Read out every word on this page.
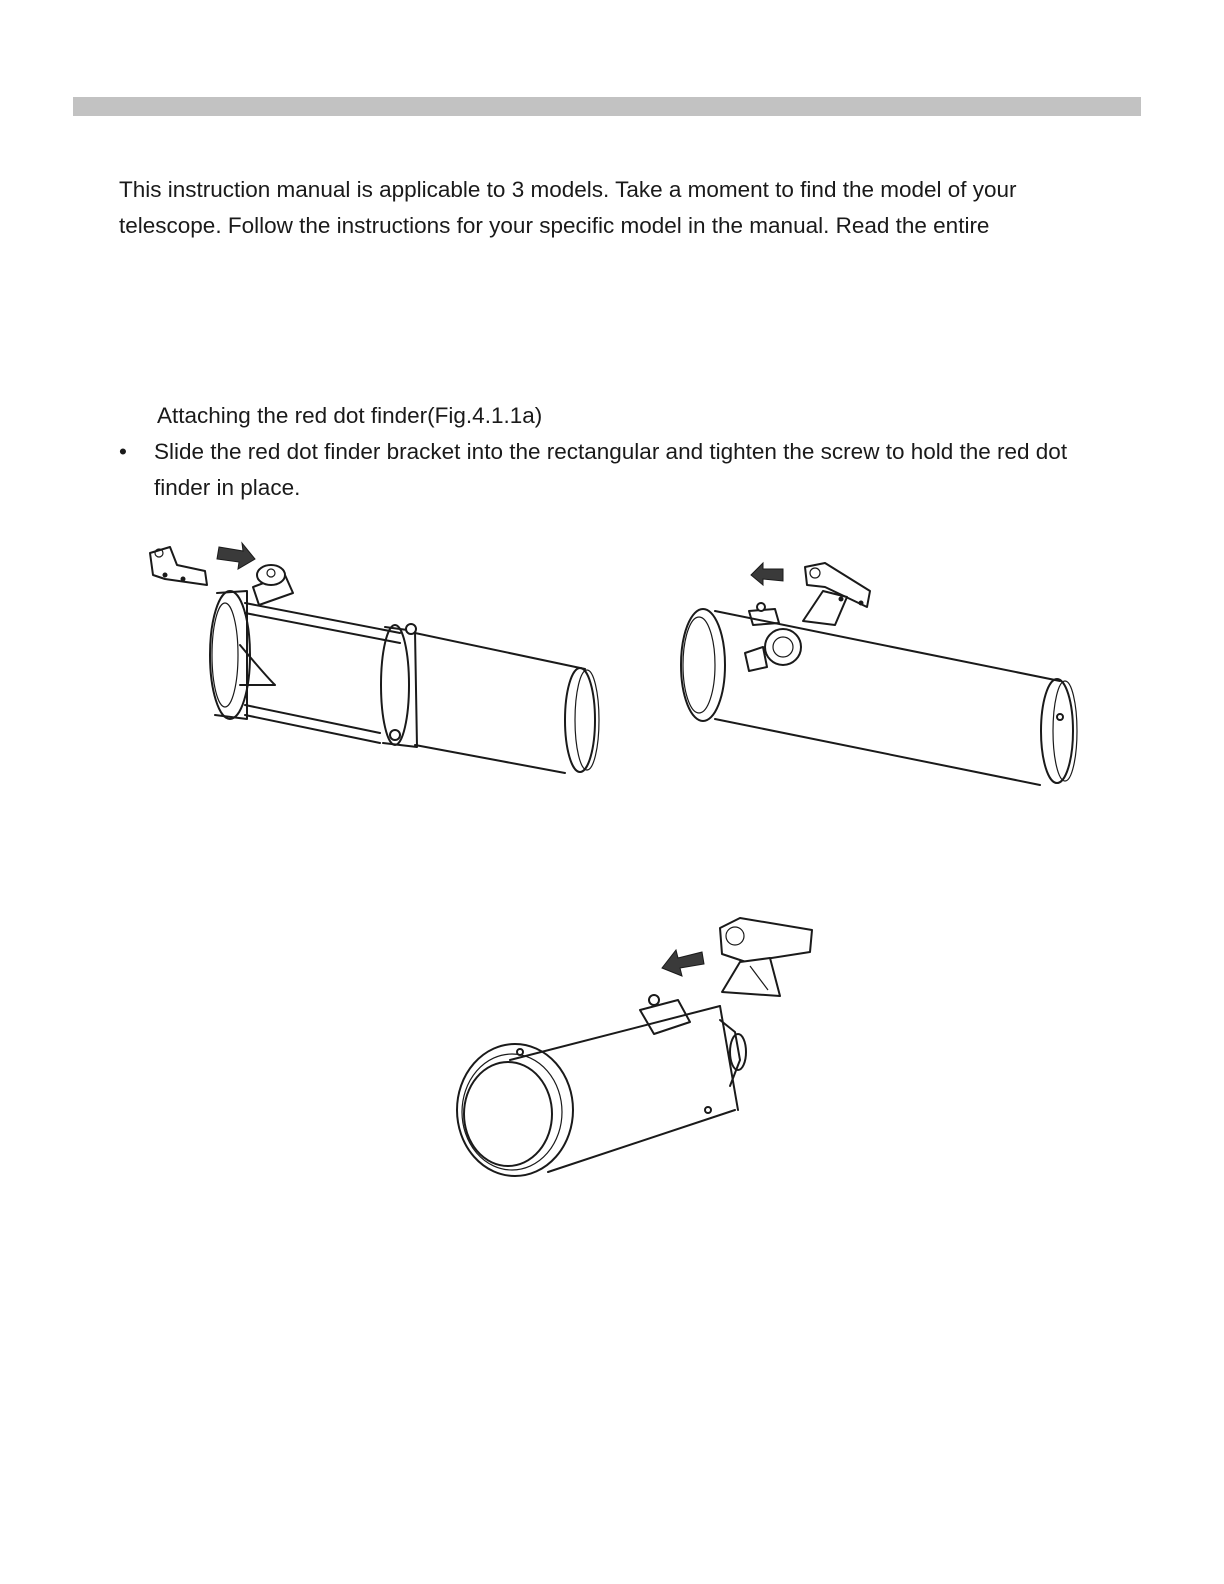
This instruction manual is applicable to 3 models. Take a moment to find the model of your telescope. Follow the instructions for your specific model in the manual. Read the entire

Attaching the red dot finder(Fig.4.1.1a)

•	Slide the red dot finder bracket into the rectangular and tighten the screw to hold the red dot finder in place.
